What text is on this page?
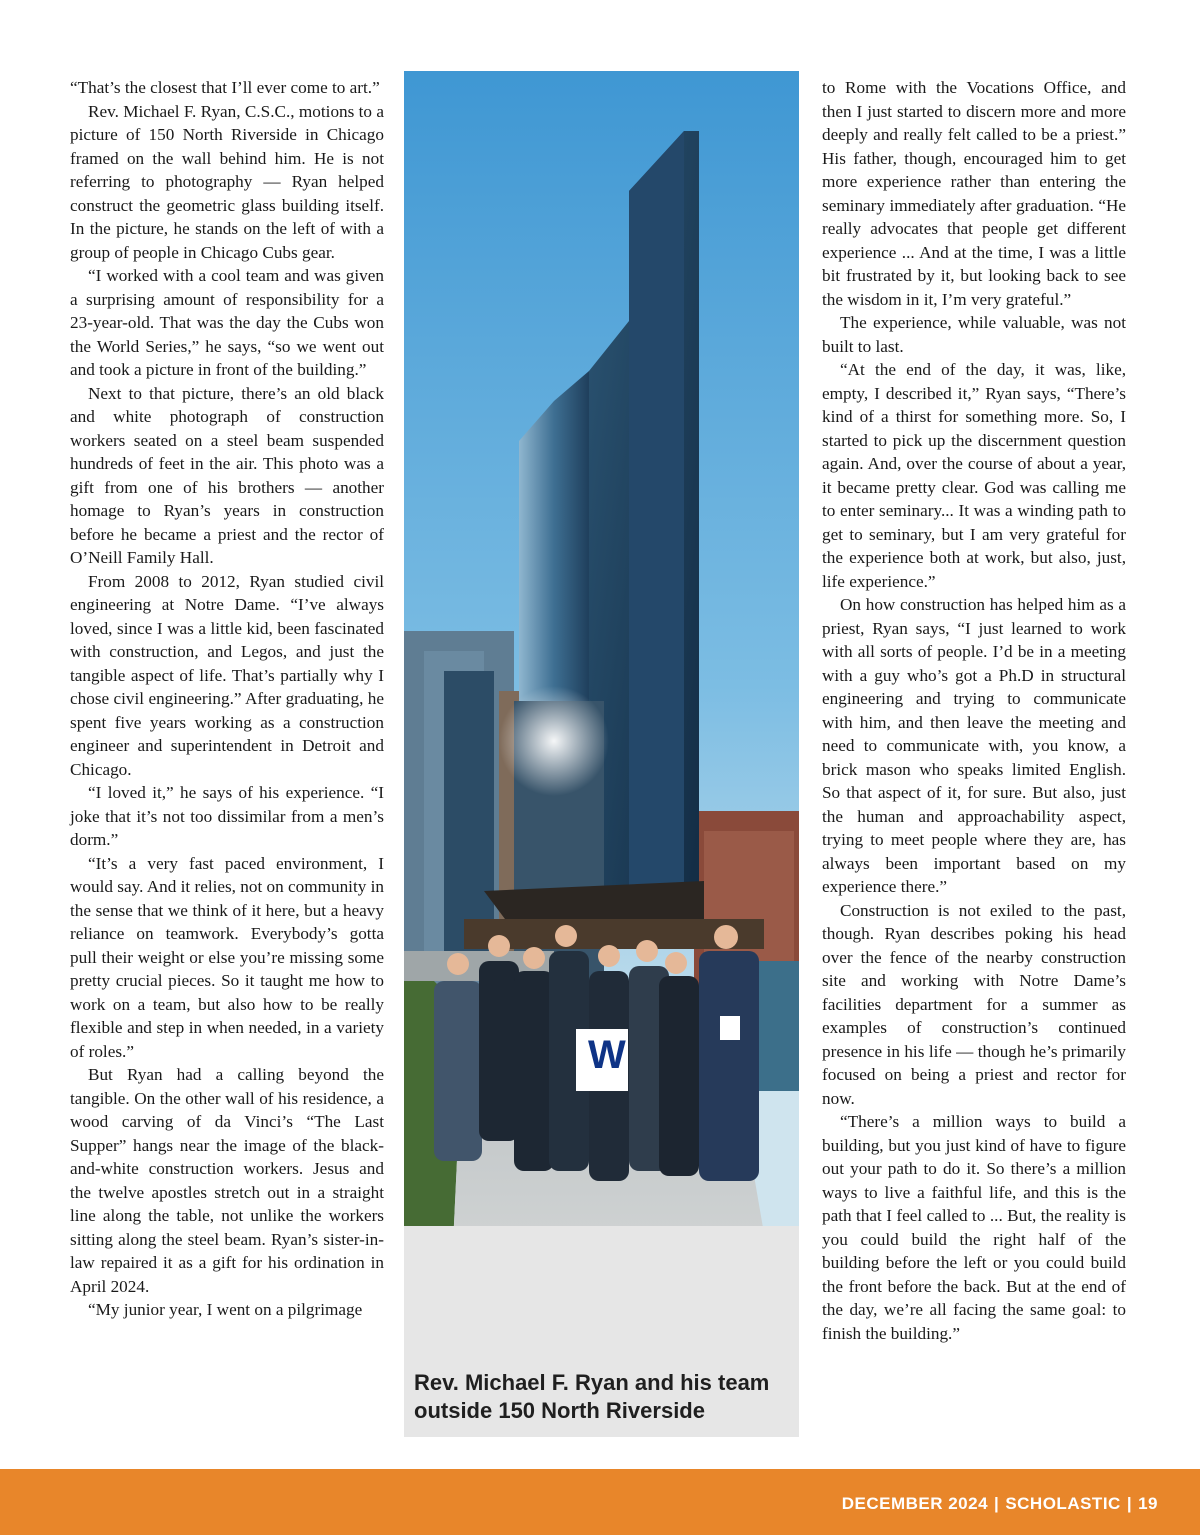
“That’s the closest that I’ll ever come to art.”

Rev. Michael F. Ryan, C.S.C., motions to a picture of 150 North Riverside in Chicago framed on the wall behind him. He is not referring to photography — Ryan helped construct the geometric glass building itself. In the picture, he stands on the left of with a group of people in Chicago Cubs gear.

“I worked with a cool team and was given a surprising amount of responsibility for a 23-year-old. That was the day the Cubs won the World Series,” he says, “so we went out and took a picture in front of the building.”

Next to that picture, there’s an old black and white photograph of construction workers seated on a steel beam suspended hundreds of feet in the air. This photo was a gift from one of his brothers — another homage to Ryan’s years in construction before he became a priest and the rector of O’Neill Family Hall.

From 2008 to 2012, Ryan studied civil engineering at Notre Dame. “I’ve always loved, since I was a little kid, been fascinated with construction, and Legos, and just the tangible aspect of life. That’s partially why I chose civil engineering.” After graduating, he spent five years working as a construction engineer and superintendent in Detroit and Chicago.

“I loved it,” he says of his experience. “I joke that it’s not too dissimilar from a men’s dorm.”

“It’s a very fast paced environment, I would say. And it relies, not on community in the sense that we think of it here, but a heavy reliance on teamwork. Everybody’s gotta pull their weight or else you’re missing some pretty crucial pieces. So it taught me how to work on a team, but also how to be really flexible and step in when needed, in a variety of roles.”

But Ryan had a calling beyond the tangible. On the other wall of his residence, a wood carving of da Vinci’s “The Last Supper” hangs near the image of the black-and-white construction workers. Jesus and the twelve apostles stretch out in a straight line along the table, not unlike the workers sitting along the steel beam. Ryan’s sister-in-law repaired it as a gift for his ordination in April 2024.

“My junior year, I went on a pilgrimage

W
Rev. Michael F. Ryan and his team outside 150 North Riverside

to Rome with the Vocations Office, and then I just started to discern more and more deeply and really felt called to be a priest.” His father, though, encouraged him to get more experience rather than entering the seminary immediately after graduation. “He really advocates that people get different experience ... And at the time, I was a little bit frustrated by it, but looking back to see the wisdom in it, I’m very grateful.”

The experience, while valuable, was not built to last.

“At the end of the day, it was, like, empty, I described it,” Ryan says, “There’s kind of a thirst for something more. So, I started to pick up the discernment question again. And, over the course of about a year, it became pretty clear. God was calling me to enter seminary... It was a winding path to get to seminary, but I am very grateful for the experience both at work, but also, just, life experience.”

On how construction has helped him as a priest, Ryan says, “I just learned to work with all sorts of people. I’d be in a meeting with a guy who’s got a Ph.D in structural engineering and trying to communicate with him, and then leave the meeting and need to communicate with, you know, a brick mason who speaks limited English. So that aspect of it, for sure. But also, just the human and approachability aspect, trying to meet people where they are, has always been important based on my experience there.”

Construction is not exiled to the past, though. Ryan describes poking his head over the fence of the nearby construction site and working with Notre Dame’s facilities department for a summer as examples of construction’s continued presence in his life — though he’s primarily focused on being a priest and rector for now.

“There’s a million ways to build a building, but you just kind of have to figure out your path to do it. So there’s a million ways to live a faithful life, and this is the path that I feel called to ... But, the reality is you could build the right half of the building before the left or you could build the front before the back. But at the end of the day, we’re all facing the same goal: to finish the building.”

DECEMBER 2024 | SCHOLASTIC | 19
